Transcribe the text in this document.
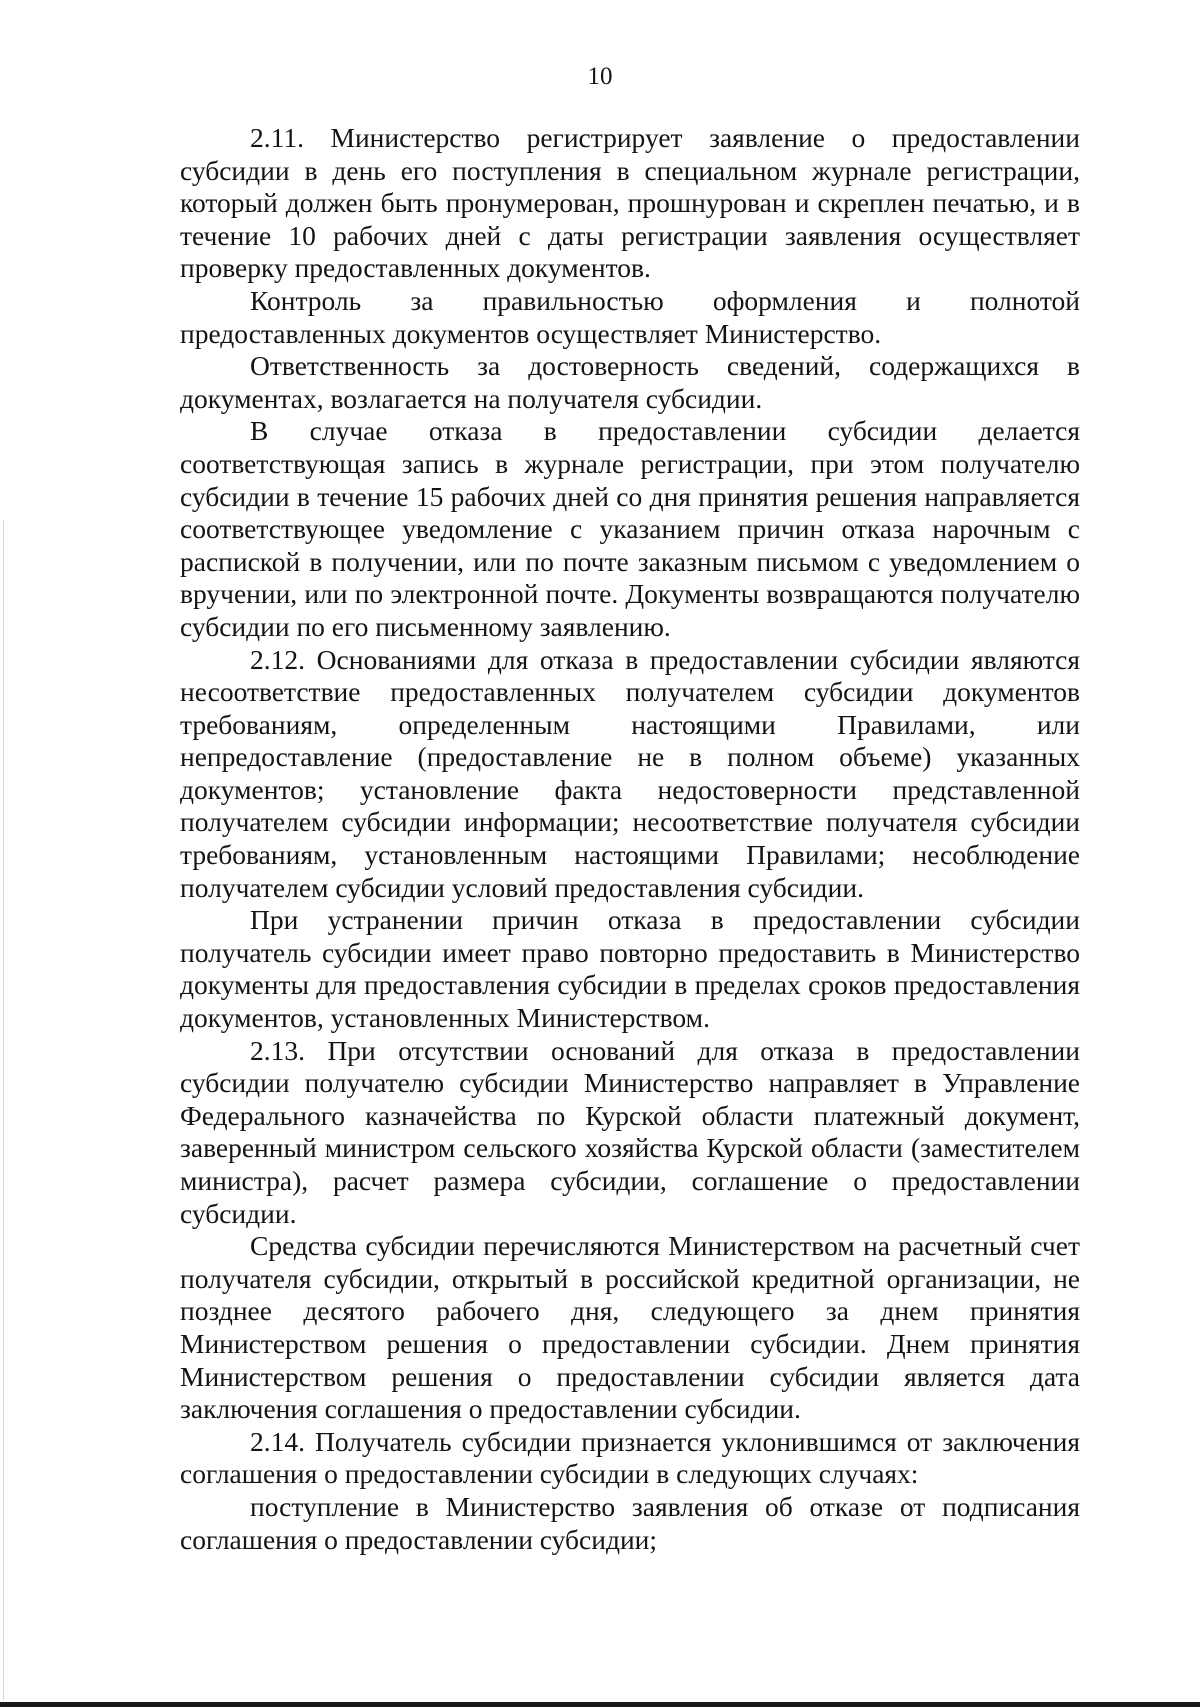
10

2.11. Министерство регистрирует заявление о предоставлении субсидии в день его поступления в специальном журнале регистрации, который должен быть пронумерован, прошнурован и скреплен печатью, и в течение 10 рабочих дней с даты регистрации заявления осуществляет проверку предоставленных документов.

Контроль за правильностью оформления и полнотой предоставленных документов осуществляет Министерство.

Ответственность за достоверность сведений, содержащихся в документах, возлагается на получателя субсидии.

В случае отказа в предоставлении субсидии делается соответствующая запись в журнале регистрации, при этом получателю субсидии в течение 15 рабочих дней со дня принятия решения направляется соответствующее уведомление с указанием причин отказа нарочным с распиской в получении, или по почте заказным письмом с уведомлением о вручении, или по электронной почте. Документы возвращаются получателю субсидии по его письменному заявлению.

2.12. Основаниями для отказа в предоставлении субсидии являются несоответствие предоставленных получателем субсидии документов требованиям, определенным настоящими Правилами, или непредоставление (предоставление не в полном объеме) указанных документов; установление факта недостоверности представленной получателем субсидии информации; несоответствие получателя субсидии требованиям, установленным настоящими Правилами; несоблюдение получателем субсидии условий предоставления субсидии.

При устранении причин отказа в предоставлении субсидии получатель субсидии имеет право повторно предоставить в Министерство документы для предоставления субсидии в пределах сроков предоставления документов, установленных Министерством.

2.13. При отсутствии оснований для отказа в предоставлении субсидии получателю субсидии Министерство направляет в Управление Федерального казначейства по Курской области платежный документ, заверенный министром сельского хозяйства Курской области (заместителем министра), расчет размера субсидии, соглашение о предоставлении субсидии.

Средства субсидии перечисляются Министерством на расчетный счет получателя субсидии, открытый в российской кредитной организации, не позднее десятого рабочего дня, следующего за днем принятия Министерством решения о предоставлении субсидии. Днем принятия Министерством решения о предоставлении субсидии является дата заключения соглашения о предоставлении субсидии.

2.14. Получатель субсидии признается уклонившимся от заключения соглашения о предоставлении субсидии в следующих случаях:

поступление в Министерство заявления об отказе от подписания соглашения о предоставлении субсидии;
